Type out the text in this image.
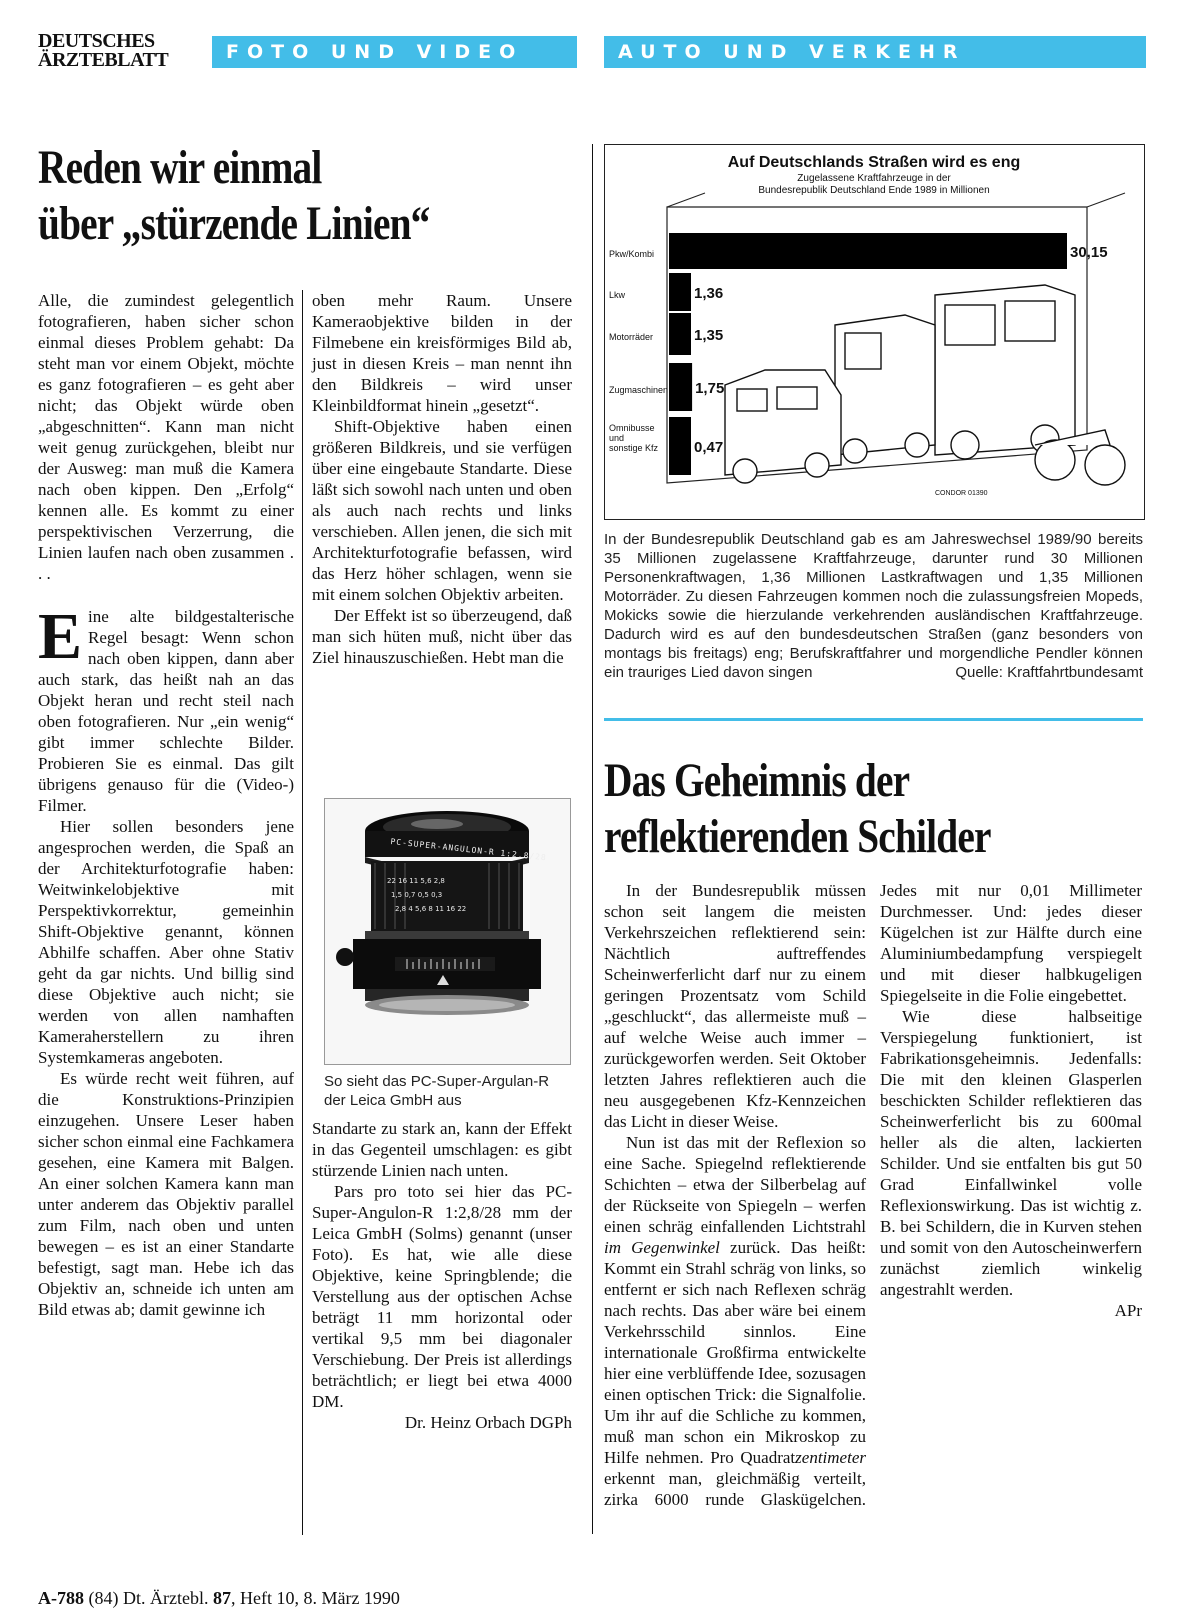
DEUTSCHES
ÄRZTEBLATT	FOTO UND VIDEO	AUTO UND VERKEHR
Reden wir einmal
über „stürzende Linien“

Alle, die zumindest gelegentlich fotografieren, haben sicher schon einmal dieses Problem gehabt: Da steht man vor einem Objekt, möchte es ganz fotografieren – es geht aber nicht; das Objekt würde oben „abgeschnitten“. Kann man nicht weit genug zurückgehen, bleibt nur der Ausweg: man muß die Kamera nach oben kippen. Den „Erfolg“ kennen alle. Es kommt zu einer perspektivischen Verzerrung, die Linien laufen nach oben zusammen . . .

Eine alte bildgestalterische Regel besagt: Wenn schon nach oben kippen, dann aber auch stark, das heißt nah an das Objekt heran und recht steil nach oben fotografieren. Nur „ein wenig“ gibt immer schlechte Bilder. Probieren Sie es einmal. Das gilt übrigens genauso für die (Video-) Filmer.

Hier sollen besonders jene angesprochen werden, die Spaß an der Architekturfotografie haben: Weitwinkelobjektive mit Perspektivkorrektur, gemeinhin Shift-Objektive genannt, können Abhilfe schaffen. Aber ohne Stativ geht da gar nichts. Und billig sind diese Objektive auch nicht; sie werden von allen namhaften Kameraherstellern zu ihren Systemkameras angeboten.

Es würde recht weit führen, auf die Konstruktions-Prinzipien einzugehen. Unsere Leser haben sicher schon einmal eine Fachkamera gesehen, eine Kamera mit Balgen. An einer solchen Kamera kann man unter anderem das Objektiv parallel zum Film, nach oben und unten bewegen – es ist an einer Standarte befestigt, sagt man. Hebe ich das Objektiv an, schneide ich unten am Bild etwas ab; damit gewinne ich

oben mehr Raum. Unsere Kameraobjektive bilden in der Filmebene ein kreisförmiges Bild ab, just in diesen Kreis – man nennt ihn den Bildkreis – wird unser Kleinbildformat hinein „gesetzt“.

Shift-Objektive haben einen größeren Bildkreis, und sie verfügen über eine eingebaute Standarte. Diese läßt sich sowohl nach unten und oben als auch nach rechts und links verschieben. Allen jenen, die sich mit Architekturfotografie befassen, wird das Herz höher schlagen, wenn sie mit einem solchen Objektiv arbeiten.

Der Effekt ist so überzeugend, daß man sich hüten muß, nicht über das Ziel hinauszuschießen. Hebt man die

22 16 11 5,6 2,8
1,5 0,7 0,5 0,3
2,8 4 5,6 8 11 16 22
PC-SUPER-ANGULON-R 1:2,8/28
So sieht das PC-Super-Argulan-R der Leica GmbH aus

Standarte zu stark an, kann der Effekt in das Gegenteil umschlagen: es gibt stürzende Linien nach unten.

Pars pro toto sei hier das PC-Super-Angulon-R 1:2,8/28 mm der Leica GmbH (Solms) genannt (unser Foto). Es hat, wie alle diese Objektive, keine Springblende; die Verstellung aus der optischen Achse beträgt 11 mm horizontal oder vertikal 9,5 mm bei diagonaler Verschiebung. Der Preis ist allerdings beträchtlich; er liegt bei etwa 4000 DM.

Dr. Heinz Orbach DGPh

Auf Deutschlands Straßen wird es eng
Zugelassene Kraftfahrzeuge in der
Bundesrepublik Deutschland Ende 1989 in Millionen
Pkw/Kombi
Lkw
Motorräder
Zugmaschinen
Omnibusse
und
sonstige Kfz
30,15
1,36
1,35
1,75
0,47
CONDOR 01390
In der Bundesrepublik Deutschland gab es am Jahreswechsel 1989/90 bereits 35 Millionen zugelassene Kraftfahrzeuge, darunter rund 30 Millionen Personenkraftwagen, 1,36 Millionen Lastkraftwagen und 1,35 Millionen Motorräder. Zu diesen Fahrzeugen kommen noch die zulassungsfreien Mopeds, Mokicks sowie die hierzulande verkehrenden ausländischen Kraftfahrzeuge. Dadurch wird es auf den bundesdeutschen Straßen (ganz besonders von montags bis freitags) eng; Berufskraftfahrer und morgendliche Pendler können ein trauriges Lied davon singen	Quelle: Kraftfahrtbundesamt
Das Geheimnis der
reflektierenden Schilder

In der Bundesrepublik müssen schon seit langem die meisten Verkehrszeichen reflektierend sein: Nächtlich auftreffendes Scheinwerferlicht darf nur zu einem geringen Prozentsatz vom Schild „geschluckt“, das allermeiste muß – auf welche Weise auch immer – zurückgeworfen werden. Seit Oktober letzten Jahres reflektieren auch die neu ausgegebenen Kfz-Kennzeichen das Licht in dieser Weise.

Nun ist das mit der Reflexion so eine Sache. Spiegelnd reflektierende Schichten – etwa der Silberbelag auf der Rückseite von Spiegeln – werfen einen schräg einfallenden Lichtstrahl im Gegenwinkel zurück. Das heißt: Kommt ein Strahl schräg von links, so entfernt er sich nach Reflexen schräg nach rechts. Das aber wäre bei einem Verkehrsschild sinnlos. Eine internationale Großfirma entwickelte hier eine verblüffende Idee, sozusagen einen optischen Trick: die Signalfolie. Um ihr auf die Schliche zu kommen, muß man schon ein Mikroskop zu Hilfe nehmen. Pro Quadratzentimeter erkennt man, gleichmäßig verteilt, zirka 6000 runde Glaskügelchen. Jedes mit nur 0,01 Millimeter Durchmesser. Und: jedes dieser Kügelchen ist zur Hälfte durch eine Aluminiumbedampfung verspiegelt und mit dieser halbkugeligen Spiegelseite in die Folie eingebettet.

Wie diese halbseitige Verspiegelung funktioniert, ist Fabrikationsgeheimnis. Jedenfalls: Die mit den kleinen Glasperlen beschickten Schilder reflektieren das Scheinwerferlicht bis zu 600mal heller als die alten, lackierten Schilder. Und sie entfalten bis gut 50 Grad Einfallwinkel volle Reflexionswirkung. Das ist wichtig z. B. bei Schildern, die in Kurven stehen und somit von den Autoscheinwerfern zunächst ziemlich winkelig angestrahlt werden.

APr

A-788 (84) Dt. Ärztebl. 87, Heft 10, 8. März 1990
